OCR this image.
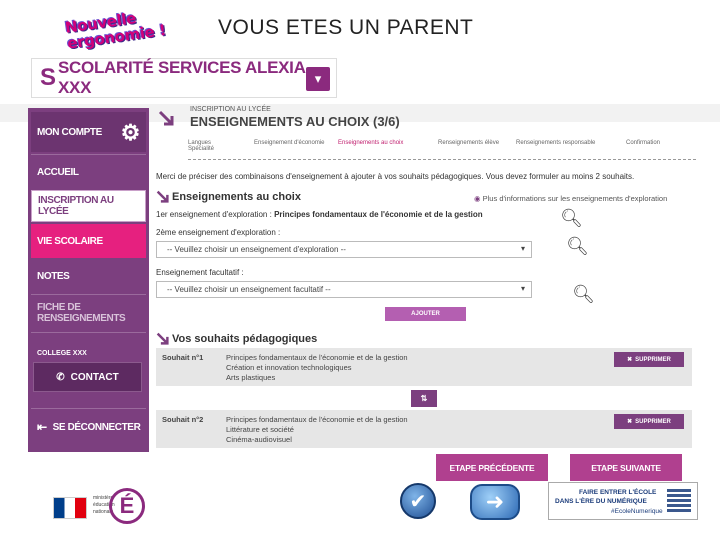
Nouvelle ergonomie !	VOUS ETES UN PARENT
S SCOLARITÉ SERVICES ALEXIA XXX	▾
MON COMPTE ⚙
ACCUEIL
INSCRIPTION AU LYCÉE
VIE SCOLAIRE
NOTES
FICHE DE RENSEIGNEMENTS
COLLEGE XXX
✆ CONTACT
⇤ SE DÉCONNECTER
INSCRIPTION AU LYCÉE
ENSEIGNEMENTS AU CHOIX (3/6)
Langues
Spécialité
Enseignement d'économie Enseignements au choix	Renseignements élève	Renseignements responsable	Confirmation
Merci de préciser des combinaisons d'enseignement à ajouter à vos souhaits pédagogiques. Vous devez formuler au moins 2 souhaits.
Enseignements au choix	◉ Plus d'informations sur les enseignements d'exploration
1er enseignement d'exploration : Principes fondamentaux de l'économie et de la gestion
2ème enseignement d'exploration :
-- Veuillez choisir un enseignement d'exploration --	▾
Enseignement facultatif :
-- Veuillez choisir un enseignement facultatif --	▾
AJOUTER
Vos souhaits pédagogiques
Souhait n°1	Principes fondamentaux de l'économie et de la gestion
Création et innovation technologiques
Arts plastiques
✖ SUPPRIMER
⇅
Souhait n°2	Principes fondamentaux de l'économie et de la gestion
Littérature et société
Cinéma-audiovisuel
✖ SUPPRIMER
ETAPE PRÉCÉDENTE	ETAPE SUIVANTE
🔍︎
🔍︎
🔍︎
ministère éducation nationale É	✔	➜	FAIRE ENTRER L'ÉCOLE
DANS L'ÈRE DU NUMÉRIQUE
#EcoleNumerique
